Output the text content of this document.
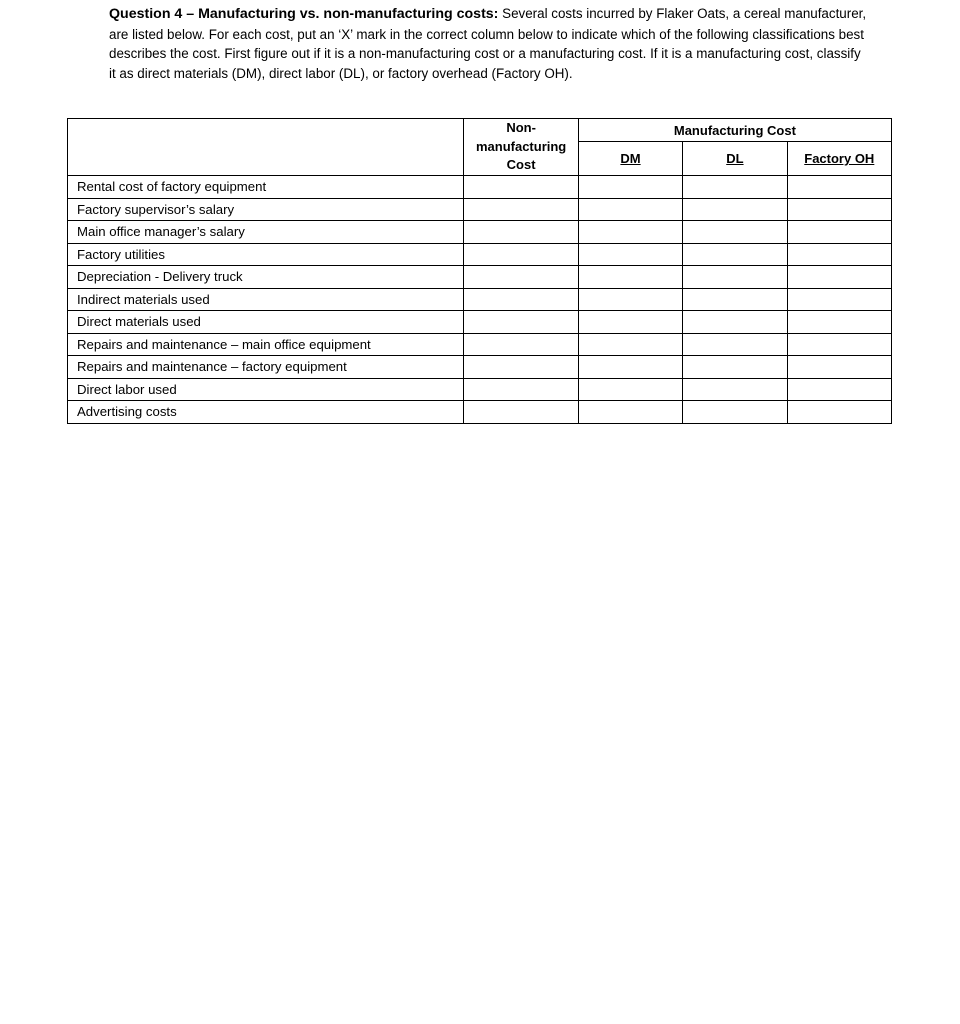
Question 4 – Manufacturing vs. non-manufacturing costs: Several costs incurred by Flaker Oats, a cereal manufacturer, are listed below. For each cost, put an ‘X’ mark in the correct column below to indicate which of the following classifications best describes the cost. First figure out if it is a non-manufacturing cost or a manufacturing cost. If it is a manufacturing cost, classify it as direct materials (DM), direct labor (DL), or factory overhead (Factory OH).
	Non-manufacturing Cost	Manufacturing Cost		
		DM	DL	Factory OH
Rental cost of factory equipment				
Factory supervisor’s salary				
Main office manager’s salary				
Factory utilities				
Depreciation - Delivery truck				
Indirect materials used				
Direct materials used				
Repairs and maintenance – main office equipment				
Repairs and maintenance – factory equipment				
Direct labor used				
Advertising costs				
